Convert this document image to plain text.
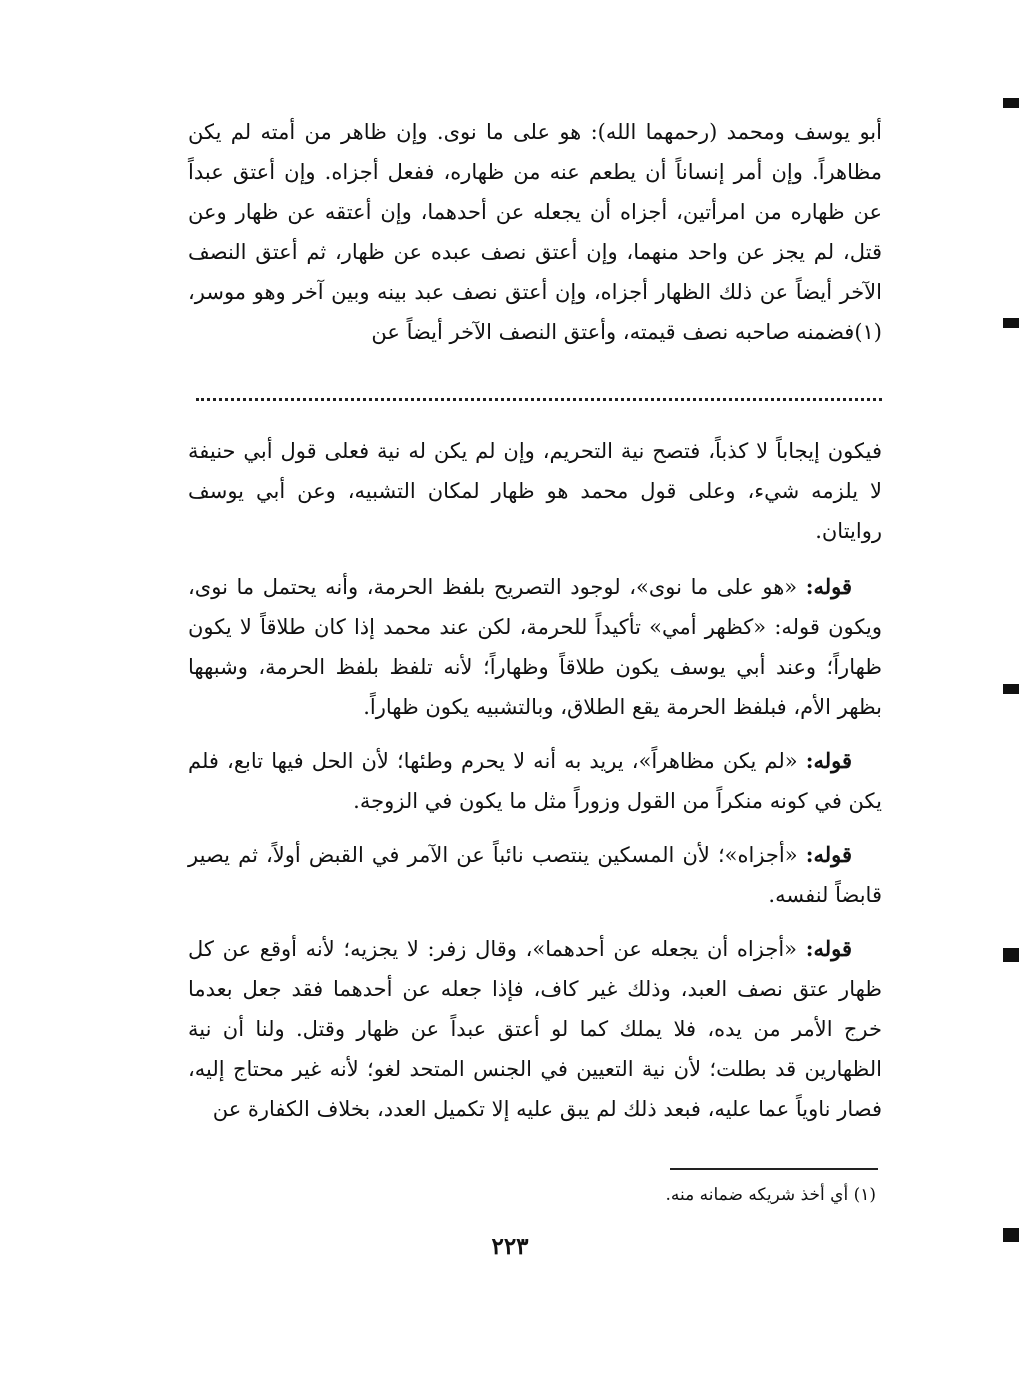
أبو يوسف ومحمد (رحمهما الله): هو على ما نوى. وإن ظاهر من أمته لم يكن مظاهراً. وإن أمر إنساناً أن يطعم عنه من ظهاره، ففعل أجزاه. وإن أعتق عبداً عن ظهاره من امرأتين، أجزاه أن يجعله عن أحدهما، وإن أعتقه عن ظهار وعن قتل، لم يجز عن واحد منهما، وإن أعتق نصف عبده عن ظهار، ثم أعتق النصف الآخر أيضاً عن ذلك الظهار أجزاه، وإن أعتق نصف عبد بينه وبين آخر وهو موسر، (١)فضمنه صاحبه نصف قيمته، وأعتق النصف الآخر أيضاً عن

فيكون إيجاباً لا كذباً، فتصح نية التحريم، وإن لم يكن له نية فعلى قول أبي حنيفة لا يلزمه شيء، وعلى قول محمد هو ظهار لمكان التشبيه، وعن أبي يوسف روايتان.

قوله: «هو على ما نوى»، لوجود التصريح بلفظ الحرمة، وأنه يحتمل ما نوى، ويكون قوله: «كظهر أمي» تأكيداً للحرمة، لكن عند محمد إذا كان طلاقاً لا يكون ظهاراً؛ وعند أبي يوسف يكون طلاقاً وظهاراً؛ لأنه تلفظ بلفظ الحرمة، وشبهها بظهر الأم، فبلفظ الحرمة يقع الطلاق، وبالتشبيه يكون ظهاراً.

قوله: «لم يكن مظاهراً»، يريد به أنه لا يحرم وطئها؛ لأن الحل فيها تابع، فلم يكن في كونه منكراً من القول وزوراً مثل ما يكون في الزوجة.

قوله: «أجزاه»؛ لأن المسكين ينتصب نائباً عن الآمر في القبض أولاً، ثم يصير قابضاً لنفسه.

قوله: «أجزاه أن يجعله عن أحدهما»، وقال زفر: لا يجزيه؛ لأنه أوقع عن كل ظهار عتق نصف العبد، وذلك غير كاف، فإذا جعله عن أحدهما فقد جعل بعدما خرج الأمر من يده، فلا يملك كما لو أعتق عبداً عن ظهار وقتل. ولنا أن نية الظهارين قد بطلت؛ لأن نية التعيين في الجنس المتحد لغو؛ لأنه غير محتاج إليه، فصار ناوياً عما عليه، فبعد ذلك لم يبق عليه إلا تكميل العدد، بخلاف الكفارة عن

(١) أي أخذ شريكه ضمانه منه.
٢٢٣
